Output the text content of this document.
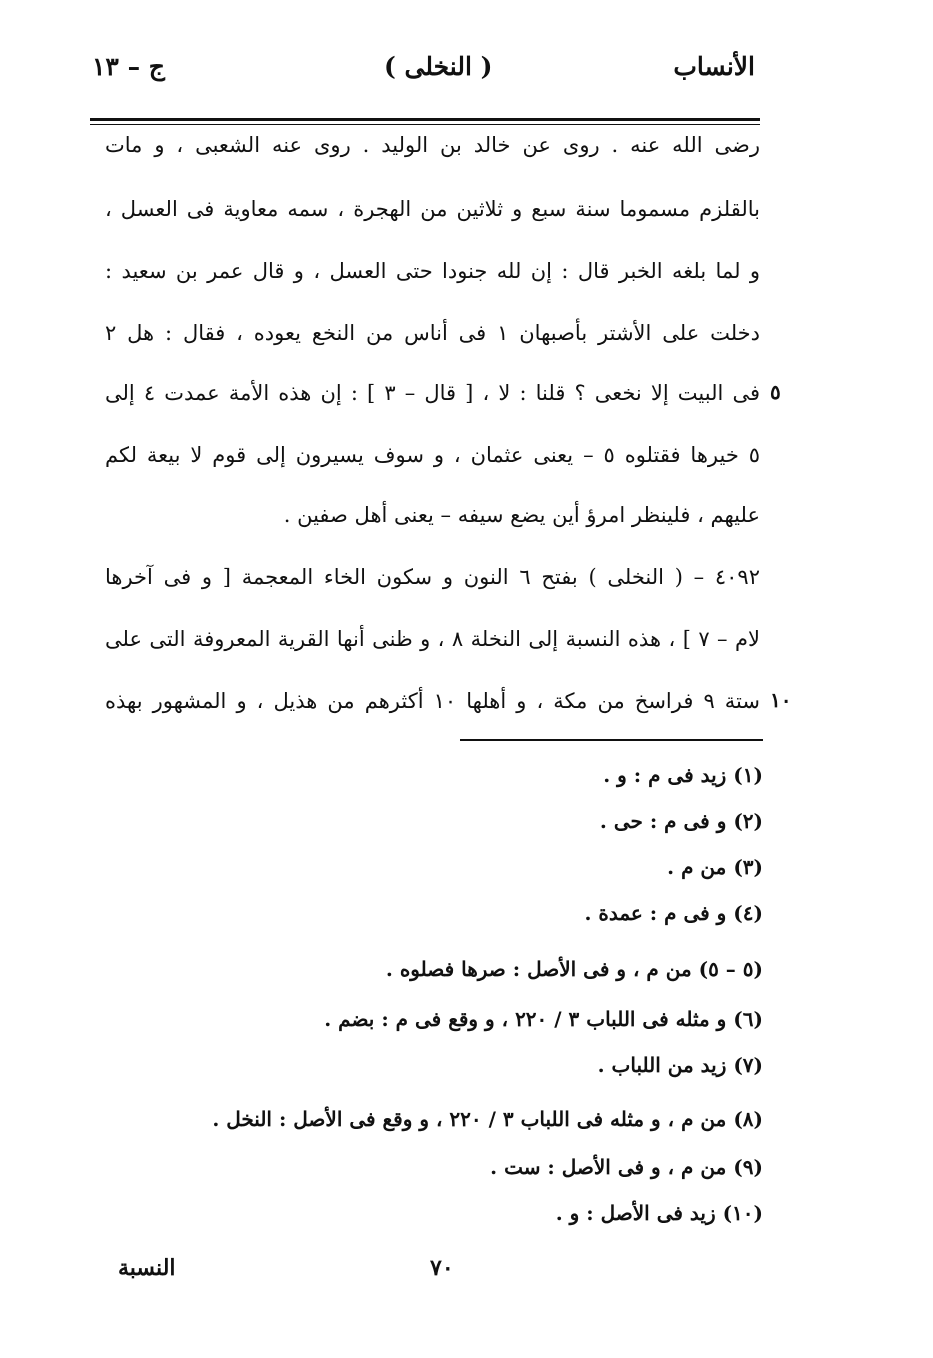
الأنساب
( النخلى )
ج – ١٣
رضى الله عنه . روى عن خالد بن الوليد . روى عنه الشعبى ، و مات
بالقلزم مسموما سنة سبع و ثلاثين من الهجرة ، سمه معاوية فى العسل ،
و لما بلغه الخبر قال : إن لله جنودا حتى العسل ، و قال عمر بن سعيد :
دخلت على الأشتر بأصبهان ١ فى أناس من النخع يعوده ، فقال : هل ٢
فى البيت إلا نخعى ؟ قلنا : لا ، [ قال – ٣ ] : إن هذه الأمة عمدت ٤ إلى
٥ خيرها فقتلوه ٥ – يعنى عثمان ، و سوف يسيرون إلى قوم لا بيعة لكم
عليهم ، فلينظر امرؤ أين يضع سيفه – يعنى أهل صفين .
٤٠٩٢ – ( النخلى ) بفتح ٦ النون و سكون الخاء المعجمة [ و فى آخرها
لام – ٧ ] ، هذه النسبة إلى النخلة ٨ ، و ظنى أنها القرية المعروفة التى على
ستة ٩ فراسخ من مكة ، و أهلها ١٠ أكثرهم من هذيل ، و المشهور بهذه
٥
١٠
(١) زيد فى م : و .
(٢) و فى م : حى .
(٣) من م .
(٤) و فى م : عمدة .
(٥ – ٥) من م ، و فى الأصل : صرها فصلوه .
(٦) و مثله فى اللباب ٣ / ٢٢٠ ، و وقع فى م : بضم .
(٧) زيد من اللباب .
(٨) من م ، و مثله فى اللباب ٣ / ٢٢٠ ، و وقع فى الأصل : النخل .
(٩) من م ، و فى الأصل : ست .
(١٠) زيد فى الأصل : و .
٧٠
النسبة
